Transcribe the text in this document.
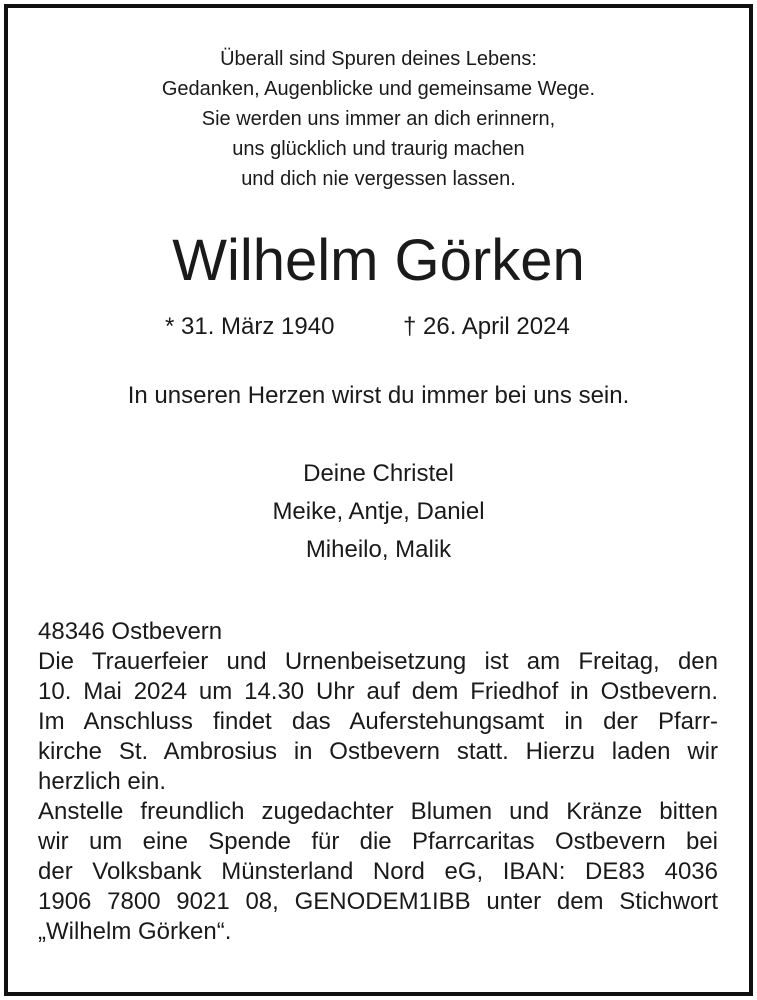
Überall sind Spuren deines Lebens:
Gedanken, Augenblicke und gemeinsame Wege.
Sie werden uns immer an dich erinnern,
uns glücklich und traurig machen
und dich nie vergessen lassen.
Wilhelm Görken
* 31. März 1940	† 26. April 2024
In unseren Herzen wirst du immer bei uns sein.
Deine Christel
Meike, Antje, Daniel
Miheilo, Malik
48346 Ostbevern
Die Trauerfeier und Urnenbeisetzung ist am Freitag, den
10. Mai 2024 um 14.30 Uhr auf dem Friedhof in Ostbevern.
Im Anschluss findet das Auferstehungsamt in der Pfarr-
kirche St. Ambrosius in Ostbevern statt. Hierzu laden wir
herzlich ein.
Anstelle freundlich zugedachter Blumen und Kränze bitten
wir um eine Spende für die Pfarrcaritas Ostbevern bei
der Volksbank Münsterland Nord eG, IBAN: DE83 4036
1906 7800 9021 08, GENODEM1IBB unter dem Stichwort
„Wilhelm Görken“.
